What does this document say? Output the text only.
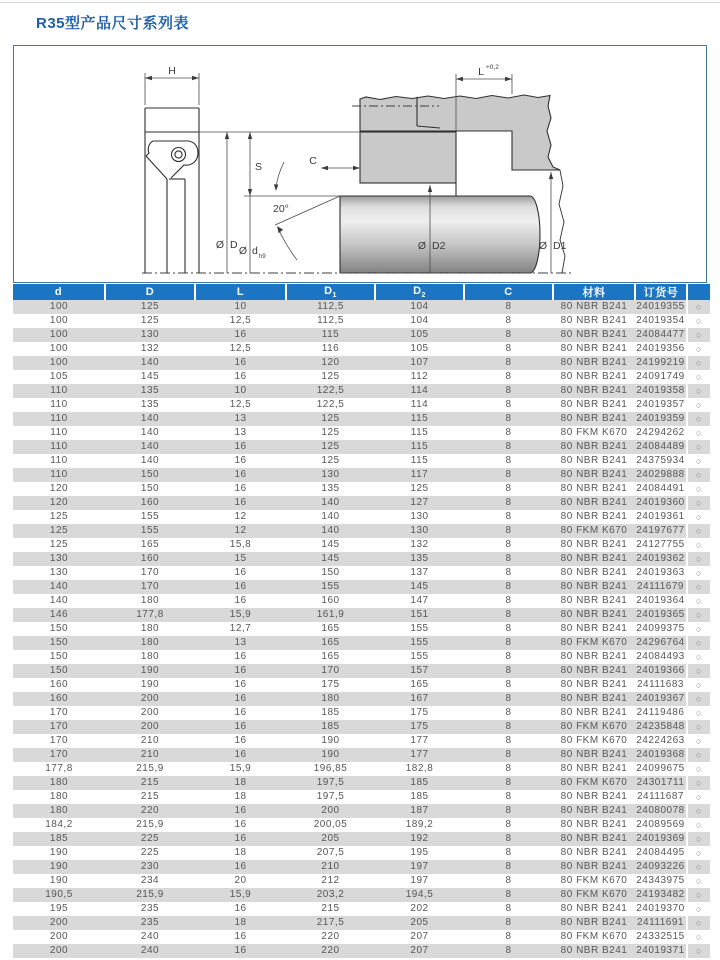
R35型产品尺寸系列表
H	L +0,2
S	C
20°
Ø D Ø d h9
Ø D2	Ø D1
d	D	L	$D_1$	$D_2$	C	材料	订货号	
100	125	10	112,5	104	8	80 NBR B241	24019355	○
100	125	12,5	112,5	104	8	80 NBR B241	24019354	○
100	130	16	115	105	8	80 NBR B241	24084477	○
100	132	12,5	116	105	8	80 NBR B241	24019356	○
100	140	16	120	107	8	80 NBR B241	24199219	○
105	145	16	125	112	8	80 NBR B241	24091749	○
110	135	10	122,5	114	8	80 NBR B241	24019358	○
110	135	12,5	122,5	114	8	80 NBR B241	24019357	○
110	140	13	125	115	8	80 NBR B241	24019359	○
110	140	13	125	115	8	80 FKM K670	24294262	○
110	140	16	125	115	8	80 NBR B241	24084489	○
110	140	16	125	115	8	80 NBR B241	24375934	○
110	150	16	130	117	8	80 NBR B241	24029888	○
120	150	16	135	125	8	80 NBR B241	24084491	○
120	160	16	140	127	8	80 NBR B241	24019360	○
125	155	12	140	130	8	80 NBR B241	24019361	○
125	155	12	140	130	8	80 FKM K670	24197677	○
125	165	15,8	145	132	8	80 NBR B241	24127755	○
130	160	15	145	135	8	80 NBR B241	24019362	○
130	170	16	150	137	8	80 NBR B241	24019363	○
140	170	16	155	145	8	80 NBR B241	24111679	○
140	180	16	160	147	8	80 NBR B241	24019364	○
146	177,8	15,9	161,9	151	8	80 NBR B241	24019365	○
150	180	12,7	165	155	8	80 NBR B241	24099375	○
150	180	13	165	155	8	80 FKM K670	24296764	○
150	180	16	165	155	8	80 NBR B241	24084493	○
150	190	16	170	157	8	80 NBR B241	24019366	○
160	190	16	175	165	8	80 NBR B241	24111683	○
160	200	16	180	167	8	80 NBR B241	24019367	○
170	200	16	185	175	8	80 NBR B241	24119486	○
170	200	16	185	175	8	80 FKM K670	24235848	○
170	210	16	190	177	8	80 FKM K670	24224263	○
170	210	16	190	177	8	80 NBR B241	24019368	○
177,8	215,9	15,9	196,85	182,8	8	80 NBR B241	24099675	○
180	215	18	197,5	185	8	80 FKM K670	24301711	○
180	215	18	197,5	185	8	80 NBR B241	24111687	○
180	220	16	200	187	8	80 NBR B241	24080078	○
184,2	215,9	16	200,05	189,2	8	80 NBR B241	24089569	○
185	225	16	205	192	8	80 NBR B241	24019369	○
190	225	18	207,5	195	8	80 NBR B241	24084495	○
190	230	16	210	197	8	80 NBR B241	24093226	○
190	234	20	212	197	8	80 FKM K670	24343975	○
190,5	215,9	15,9	203,2	194,5	8	80 FKM K670	24193482	○
195	235	16	215	202	8	80 NBR B241	24019370	○
200	235	18	217,5	205	8	80 NBR B241	24111691	○
200	240	16	220	207	8	80 FKM K670	24332515	○
200	240	16	220	207	8	80 NBR B241	24019371	○
